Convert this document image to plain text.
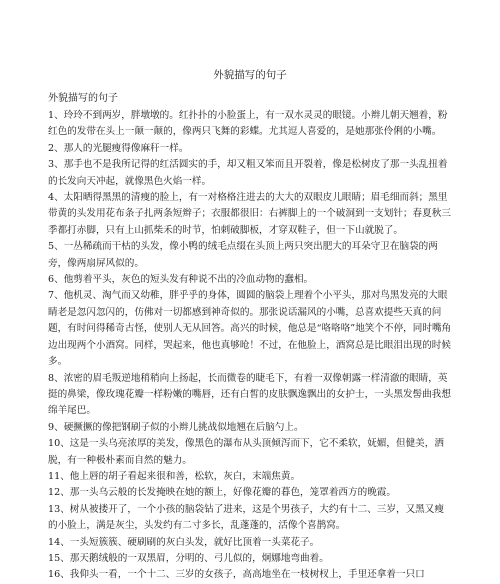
外貌描写的句子
外貌描写的句子

1、玲玲不到两岁，胖墩墩的。红扑扑的小脸蛋上，有一双水灵灵的眼镜。小辫儿朝天翘着，粉红色的发带在头上一颠一颠的，像两只飞舞的彩蝶。尤其逗人喜爱的，是她那张伶俐的小嘴。

2、那人的光腿瘦得像麻秆一样。

3、那手也不是我所记得的红活圆实的手，却又粗又笨而且开裂着，像是松树皮了那一头乱扭着的长发向天冲起，就像黑色火焰一样。

4、太阳晒得黑黑的清瘦的脸上，有一对格格注进去的大大的双眼皮儿眼睛；眉毛细而斜；黑里带黄的头发用花布条子扎两条短辫子；衣服都很旧：右裤脚上的一个破洞到一支划针；春夏秋三季都打赤脚，只有上山抓柴禾的时节，怕刺破脚板，才穿双鞋子，但一下山就脱了。

5、一丛稀疏而干枯的头发，像小鸭的绒毛点缀在头顶上两只突出肥大的耳朵守卫在脑袋的两旁，像两扇屏风似的。

6、他剪着平头，灰色的短头发有种说不出的冷血动物的蠢相。

7、他机灵、淘气而又幼稚，胖乎乎的身体，圆圆的脑袋上理着个小平头，那对鸟黑发亮的大眼睛老是忽闪忽闪的，仿佛对一切都感到神奇似的。那张说话漏风的小嘴，总喜欢提些天真的问题，有时问得稀奇古怪，使别人无从回答。高兴的时候，他总是“咯咯咯”地笑个不停，同时嘴角边出现两个小酒窝。同样，哭起来，他也真够呛！不过，在他脸上，酒窝总是比眼泪出现的时候多。

8、浓密的眉毛叛逆地稍稍向上扬起，长而微卷的睫毛下，有着一双像朝露一样清澈的眼睛，英挺的鼻梁，像玫瑰花瓣一样粉嫩的嘴唇，还有白皙的皮肤飘逸飘出的女护士，一头黑发髻曲我想绵羊尾巴。

9、硬撅撅的像把钢刷子似的小辫儿挑战似地翘在后脑勺上。

10、这是一头乌亮浓厚的美发，像黑色的瀑布从头顶倾泻而下，它不柔软，妩媚，但健美，洒脱，有一种极朴素而自然的魅力。

11、他上唇的胡子看起来很和善，松软，灰白，末端焦黄。

12、那一头乌云般的长发掩映在她的额上，好像花瓣的暮色，笼罩着西方的晚霞。

13、树从被搂开了，一个小孩的脑袋钻了进来，这是个男孩子，大约有十二、三岁，又黑又瘦的小脸上，满是灰尘，头发约有二寸多长，乱蓬蓬的，活像个喜鹊窝。

14、一头短簇簇、硬刷刷的灰白头发，就好比顶着一头菜花子。

15、那天鹅绒般的一双黑眉，分明的、弓儿似的，炯娜地弯曲着。

16、我仰头一看，一个十二、三岁的女孩子，高高地坐在一枝树杈上，手里还拿着一只口
